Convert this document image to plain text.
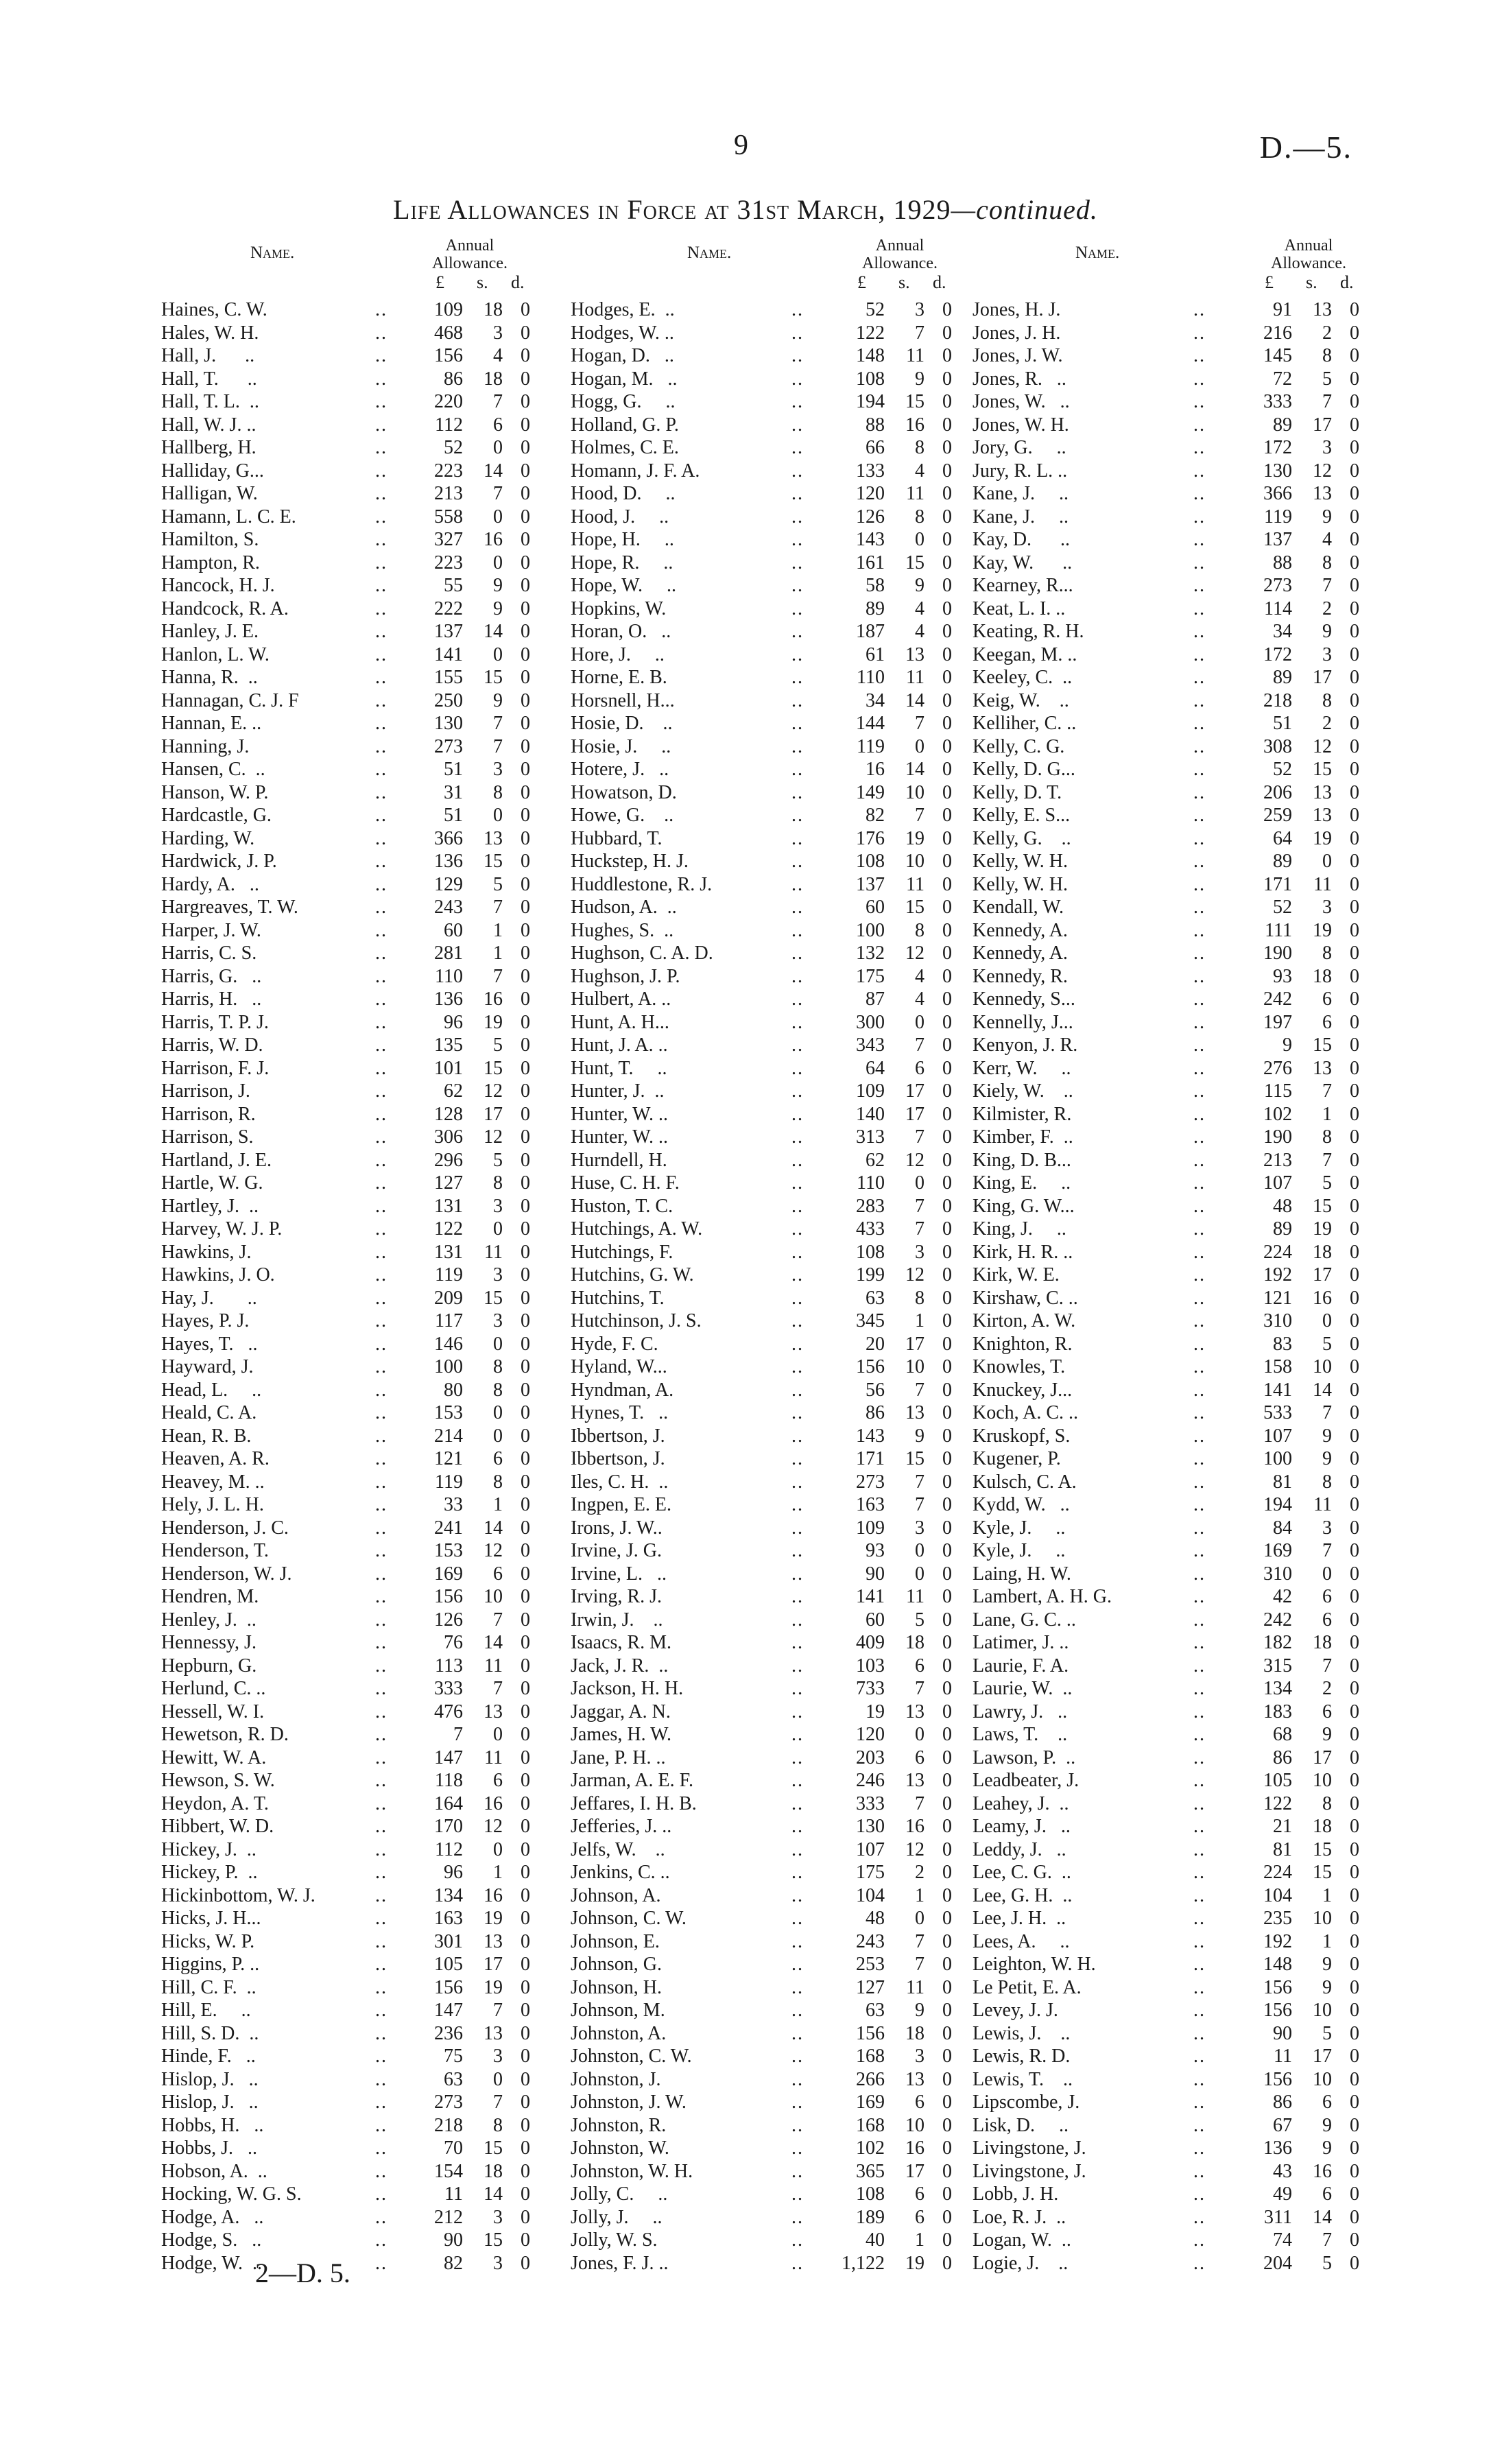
9	D.—5.
Life Allowances in Force at 31st March, 1929—continued.
Name.	Annual
Allowance.
£ s. d.
Haines, C. W.	..	109	18 0
Hales, W. H.	..	468	3 0
Hall, J.      ..	..	156	4 0
Hall, T.      ..	..	86	18 0
Hall, T. L.  ..	..	220	7 0
Hall, W. J. ..	..	112	6 0
Hallberg, H.	..	52	0 0
Halliday, G...	..	223	14 0
Halligan, W.	..	213	7 0
Hamann, L. C. E.	..	558	0 0
Hamilton, S.	..	327	16 0
Hampton, R.	..	223	0 0
Hancock, H. J.	..	55	9 0
Handcock, R. A.	..	222	9 0
Hanley, J. E.	..	137	14 0
Hanlon, L. W.	..	141	0 0
Hanna, R.  ..	..	155	15 0
Hannagan, C. J. F	..	250	9 0
Hannan, E. ..	..	130	7 0
Hanning, J.	..	273	7 0
Hansen, C.  ..	..	51	3 0
Hanson, W. P.	..	31	8 0
Hardcastle, G.	..	51	0 0
Harding, W.	..	366	13 0
Hardwick, J. P.	..	136	15 0
Hardy, A.   ..	..	129	5 0
Hargreaves, T. W.	..	243	7 0
Harper, J. W.	..	60	1 0
Harris, C. S.	..	281	1 0
Harris, G.   ..	..	110	7 0
Harris, H.   ..	..	136	16 0
Harris, T. P. J.	..	96	19 0
Harris, W. D.	..	135	5 0
Harrison, F. J.	..	101	15 0
Harrison, J.	..	62	12 0
Harrison, R.	..	128	17 0
Harrison, S.	..	306	12 0
Hartland, J. E.	..	296	5 0
Hartle, W. G.	..	127	8 0
Hartley, J.  ..	..	131	3 0
Harvey, W. J. P.	..	122	0 0
Hawkins, J.	..	131	11 0
Hawkins, J. O.	..	119	3 0
Hay, J.       ..	..	209	15 0
Hayes, P. J.	..	117	3 0
Hayes, T.   ..	..	146	0 0
Hayward, J.	..	100	8 0
Head, L.     ..	..	80	8 0
Heald, C. A.	..	153	0 0
Hean, R. B.	..	214	0 0
Heaven, A. R.	..	121	6 0
Heavey, M. ..	..	119	8 0
Hely, J. L. H.	..	33	1 0
Henderson, J. C.	..	241	14 0
Henderson, T.	..	153	12 0
Henderson, W. J.	..	169	6 0
Hendren, M.	..	156	10 0
Henley, J.  ..	..	126	7 0
Hennessy, J.	..	76	14 0
Hepburn, G.	..	113	11 0
Herlund, C. ..	..	333	7 0
Hessell, W. I.	..	476	13 0
Hewetson, R. D.	..	7	0 0
Hewitt, W. A.	..	147	11 0
Hewson, S. W.	..	118	6 0
Heydon, A. T.	..	164	16 0
Hibbert, W. D.	..	170	12 0
Hickey, J.  ..	..	112	0 0
Hickey, P.  ..	..	96	1 0
Hickinbottom, W. J.	..	134	16 0
Hicks, J. H...	..	163	19 0
Hicks, W. P.	..	301	13 0
Higgins, P. ..	..	105	17 0
Hill, C. F.  ..	..	156	19 0
Hill, E.     ..	..	147	7 0
Hill, S. D.  ..	..	236	13 0
Hinde, F.   ..	..	75	3 0
Hislop, J.   ..	..	63	0 0
Hislop, J.   ..	..	273	7 0
Hobbs, H.   ..	..	218	8 0
Hobbs, J.   ..	..	70	15 0
Hobson, A.  ..	..	154	18 0
Hocking, W. G. S.	..	11	14 0
Hodge, A.   ..	..	212	3 0
Hodge, S.   ..	..	90	15 0
Hodge, W.  ..	..	82	3 0
Name.	Annual
Allowance.
£ s. d.
Hodges, E.  ..	..	52	3 0
Hodges, W. ..	..	122	7 0
Hogan, D.   ..	..	148	11 0
Hogan, M.   ..	..	108	9 0
Hogg, G.     ..	..	194	15 0
Holland, G. P.	..	88	16 0
Holmes, C. E.	..	66	8 0
Homann, J. F. A.	..	133	4 0
Hood, D.     ..	..	120	11 0
Hood, J.     ..	..	126	8 0
Hope, H.     ..	..	143	0 0
Hope, R.     ..	..	161	15 0
Hope, W.     ..	..	58	9 0
Hopkins, W.	..	89	4 0
Horan, O.   ..	..	187	4 0
Hore, J.     ..	..	61	13 0
Horne, E. B.	..	110	11 0
Horsnell, H...	..	34	14 0
Hosie, D.    ..	..	144	7 0
Hosie, J.     ..	..	119	0 0
Hotere, J.   ..	..	16	14 0
Howatson, D.	..	149	10 0
Howe, G.    ..	..	82	7 0
Hubbard, T.	..	176	19 0
Huckstep, H. J.	..	108	10 0
Huddlestone, R. J.	..	137	11 0
Hudson, A.  ..	..	60	15 0
Hughes, S.  ..	..	100	8 0
Hughson, C. A. D.	..	132	12 0
Hughson, J. P.	..	175	4 0
Hulbert, A. ..	..	87	4 0
Hunt, A. H...	..	300	0 0
Hunt, J. A. ..	..	343	7 0
Hunt, T.     ..	..	64	6 0
Hunter, J.  ..	..	109	17 0
Hunter, W. ..	..	140	17 0
Hunter, W. ..	..	313	7 0
Hurndell, H.	..	62	12 0
Huse, C. H. F.	..	110	0 0
Huston, T. C.	..	283	7 0
Hutchings, A. W.	..	433	7 0
Hutchings, F.	..	108	3 0
Hutchins, G. W.	..	199	12 0
Hutchins, T.	..	63	8 0
Hutchinson, J. S.	..	345	1 0
Hyde, F. C.	..	20	17 0
Hyland, W...	..	156	10 0
Hyndman, A.	..	56	7 0
Hynes, T.   ..	..	86	13 0
Ibbertson, J.	..	143	9 0
Ibbertson, J.	..	171	15 0
Iles, C. H.  ..	..	273	7 0
Ingpen, E. E.	..	163	7 0
Irons, J. W..	..	109	3 0
Irvine, J. G.	..	93	0 0
Irvine, L.   ..	..	90	0 0
Irving, R. J.	..	141	11 0
Irwin, J.    ..	..	60	5 0
Isaacs, R. M.	..	409	18 0
Jack, J. R.  ..	..	103	6 0
Jackson, H. H.	..	733	7 0
Jaggar, A. N.	..	19	13 0
James, H. W.	..	120	0 0
Jane, P. H. ..	..	203	6 0
Jarman, A. E. F.	..	246	13 0
Jeffares, I. H. B.	..	333	7 0
Jefferies, J. ..	..	130	16 0
Jelfs, W.    ..	..	107	12 0
Jenkins, C. ..	..	175	2 0
Johnson, A.	..	104	1 0
Johnson, C. W.	..	48	0 0
Johnson, E.	..	243	7 0
Johnson, G.	..	253	7 0
Johnson, H.	..	127	11 0
Johnson, M.	..	63	9 0
Johnston, A.	..	156	18 0
Johnston, C. W.	..	168	3 0
Johnston, J.	..	266	13 0
Johnston, J. W.	..	169	6 0
Johnston, R.	..	168	10 0
Johnston, W.	..	102	16 0
Johnston, W. H.	..	365	17 0
Jolly, C.     ..	..	108	6 0
Jolly, J.     ..	..	189	6 0
Jolly, W. S.	..	40	1 0
Jones, F. J. ..	..	1,122	19 0
Name.	Annual
Allowance.
£ s. d.
Jones, H. J.	..	91	13 0
Jones, J. H.	..	216	2 0
Jones, J. W.	..	145	8 0
Jones, R.   ..	..	72	5 0
Jones, W.   ..	..	333	7 0
Jones, W. H.	..	89	17 0
Jory, G.     ..	..	172	3 0
Jury, R. L. ..	..	130	12 0
Kane, J.     ..	..	366	13 0
Kane, J.     ..	..	119	9 0
Kay, D.      ..	..	137	4 0
Kay, W.      ..	..	88	8 0
Kearney, R...	..	273	7 0
Keat, L. I. ..	..	114	2 0
Keating, R. H.	..	34	9 0
Keegan, M. ..	..	172	3 0
Keeley, C.  ..	..	89	17 0
Keig, W.    ..	..	218	8 0
Kelliher, C. ..	..	51	2 0
Kelly, C. G.	..	308	12 0
Kelly, D. G...	..	52	15 0
Kelly, D. T.	..	206	13 0
Kelly, E. S...	..	259	13 0
Kelly, G.    ..	..	64	19 0
Kelly, W. H.	..	89	0 0
Kelly, W. H.	..	171	11 0
Kendall, W.	..	52	3 0
Kennedy, A.	..	111	19 0
Kennedy, A.	..	190	8 0
Kennedy, R.	..	93	18 0
Kennedy, S...	..	242	6 0
Kennelly, J...	..	197	6 0
Kenyon, J. R.	..	9	15 0
Kerr, W.     ..	..	276	13 0
Kiely, W.    ..	..	115	7 0
Kilmister, R.	..	102	1 0
Kimber, F.  ..	..	190	8 0
King, D. B...	..	213	7 0
King, E.     ..	..	107	5 0
King, G. W...	..	48	15 0
King, J.     ..	..	89	19 0
Kirk, H. R. ..	..	224	18 0
Kirk, W. E.	..	192	17 0
Kirshaw, C. ..	..	121	16 0
Kirton, A. W.	..	310	0 0
Knighton, R.	..	83	5 0
Knowles, T.	..	158	10 0
Knuckey, J...	..	141	14 0
Koch, A. C. ..	..	533	7 0
Kruskopf, S.	..	107	9 0
Kugener, P.	..	100	9 0
Kulsch, C. A.	..	81	8 0
Kydd, W.   ..	..	194	11 0
Kyle, J.     ..	..	84	3 0
Kyle, J.     ..	..	169	7 0
Laing, H. W.	..	310	0 0
Lambert, A. H. G.	..	42	6 0
Lane, G. C. ..	..	242	6 0
Latimer, J. ..	..	182	18 0
Laurie, F. A.	..	315	7 0
Laurie, W.  ..	..	134	2 0
Lawry, J.   ..	..	183	6 0
Laws, T.    ..	..	68	9 0
Lawson, P.  ..	..	86	17 0
Leadbeater, J.	..	105	10 0
Leahey, J.  ..	..	122	8 0
Leamy, J.   ..	..	21	18 0
Leddy, J.   ..	..	81	15 0
Lee, C. G.  ..	..	224	15 0
Lee, G. H.  ..	..	104	1 0
Lee, J. H.  ..	..	235	10 0
Lees, A.     ..	..	192	1 0
Leighton, W. H.	..	148	9 0
Le Petit, E. A.	..	156	9 0
Levey, J. J.	..	156	10 0
Lewis, J.    ..	..	90	5 0
Lewis, R. D.	..	11	17 0
Lewis, T.    ..	..	156	10 0
Lipscombe, J.	..	86	6 0
Lisk, D.     ..	..	67	9 0
Livingstone, J.	..	136	9 0
Livingstone, J.	..	43	16 0
Lobb, J. H.	..	49	6 0
Loe, R. J.  ..	..	311	14 0
Logan, W.  ..	..	74	7 0
Logie, J.    ..	..	204	5 0
2—D. 5.
